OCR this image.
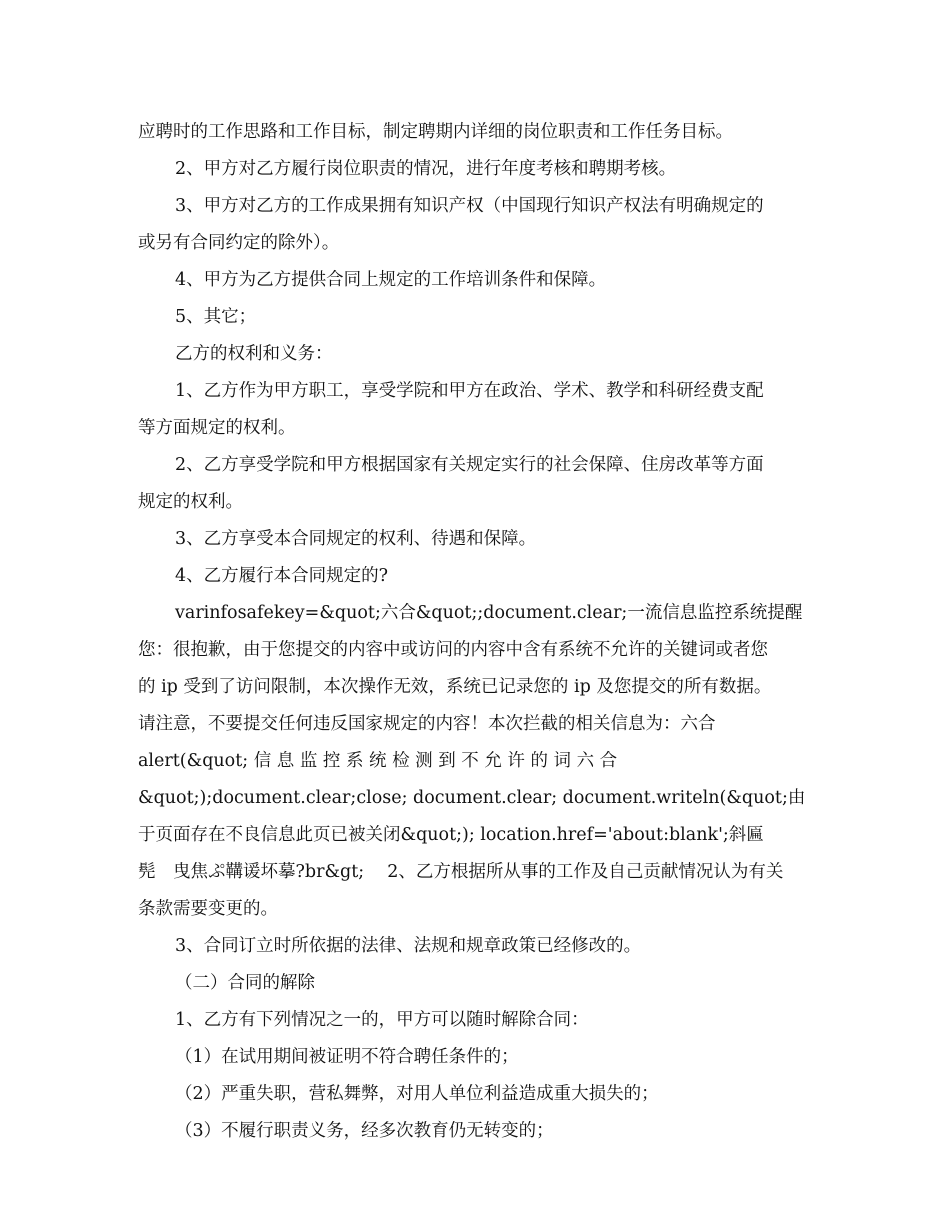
应聘时的工作思路和工作目标，制定聘期内详细的岗位职责和工作任务目标。
2、甲方对乙方履行岗位职责的情况，进行年度考核和聘期考核。
3、甲方对乙方的工作成果拥有知识产权（中国现行知识产权法有明确规定的
或另有合同约定的除外）。
4、甲方为乙方提供合同上规定的工作培训条件和保障。
5、其它；
乙方的权利和义务：
1、乙方作为甲方职工，享受学院和甲方在政治、学术、教学和科研经费支配
等方面规定的权利。
2、乙方享受学院和甲方根据国家有关规定实行的社会保障、住房改革等方面
规定的权利。
3、乙方享受本合同规定的权利、待遇和保障。
4、乙方履行本合同规定的?
varinfosafekey=&quot;六合&quot;;document.clear;一流信息监控系统提醒
您：很抱歉，由于您提交的内容中或访问的内容中含有系统不允许的关键词或者您
的 ip 受到了访问限制，本次操作无效，系统已记录您的 ip 及您提交的所有数据。
请注意，不要提交任何违反国家规定的内容！本次拦截的相关信息为：六合
alert(&quot; 信 息 监 控 系 统 检 测 到 不 允 许 的 词 六 合
&quot;);document.clear;close; document.clear; document.writeln(&quot;由
于页面存在不良信息此页已被关闭&quot;); location.href='about:blank';斜匾
髡　曳焦ぷ鞲谖坏摹?br&gt; 　2、乙方根据所从事的工作及自己贡献情况认为有关
条款需要变更的。
3、合同订立时所依据的法律、法规和规章政策已经修改的。
（二）合同的解除
1、乙方有下列情况之一的，甲方可以随时解除合同：
（1）在试用期间被证明不符合聘任条件的；
（2）严重失职，营私舞弊，对用人单位利益造成重大损失的；
（3）不履行职责义务，经多次教育仍无转变的；
